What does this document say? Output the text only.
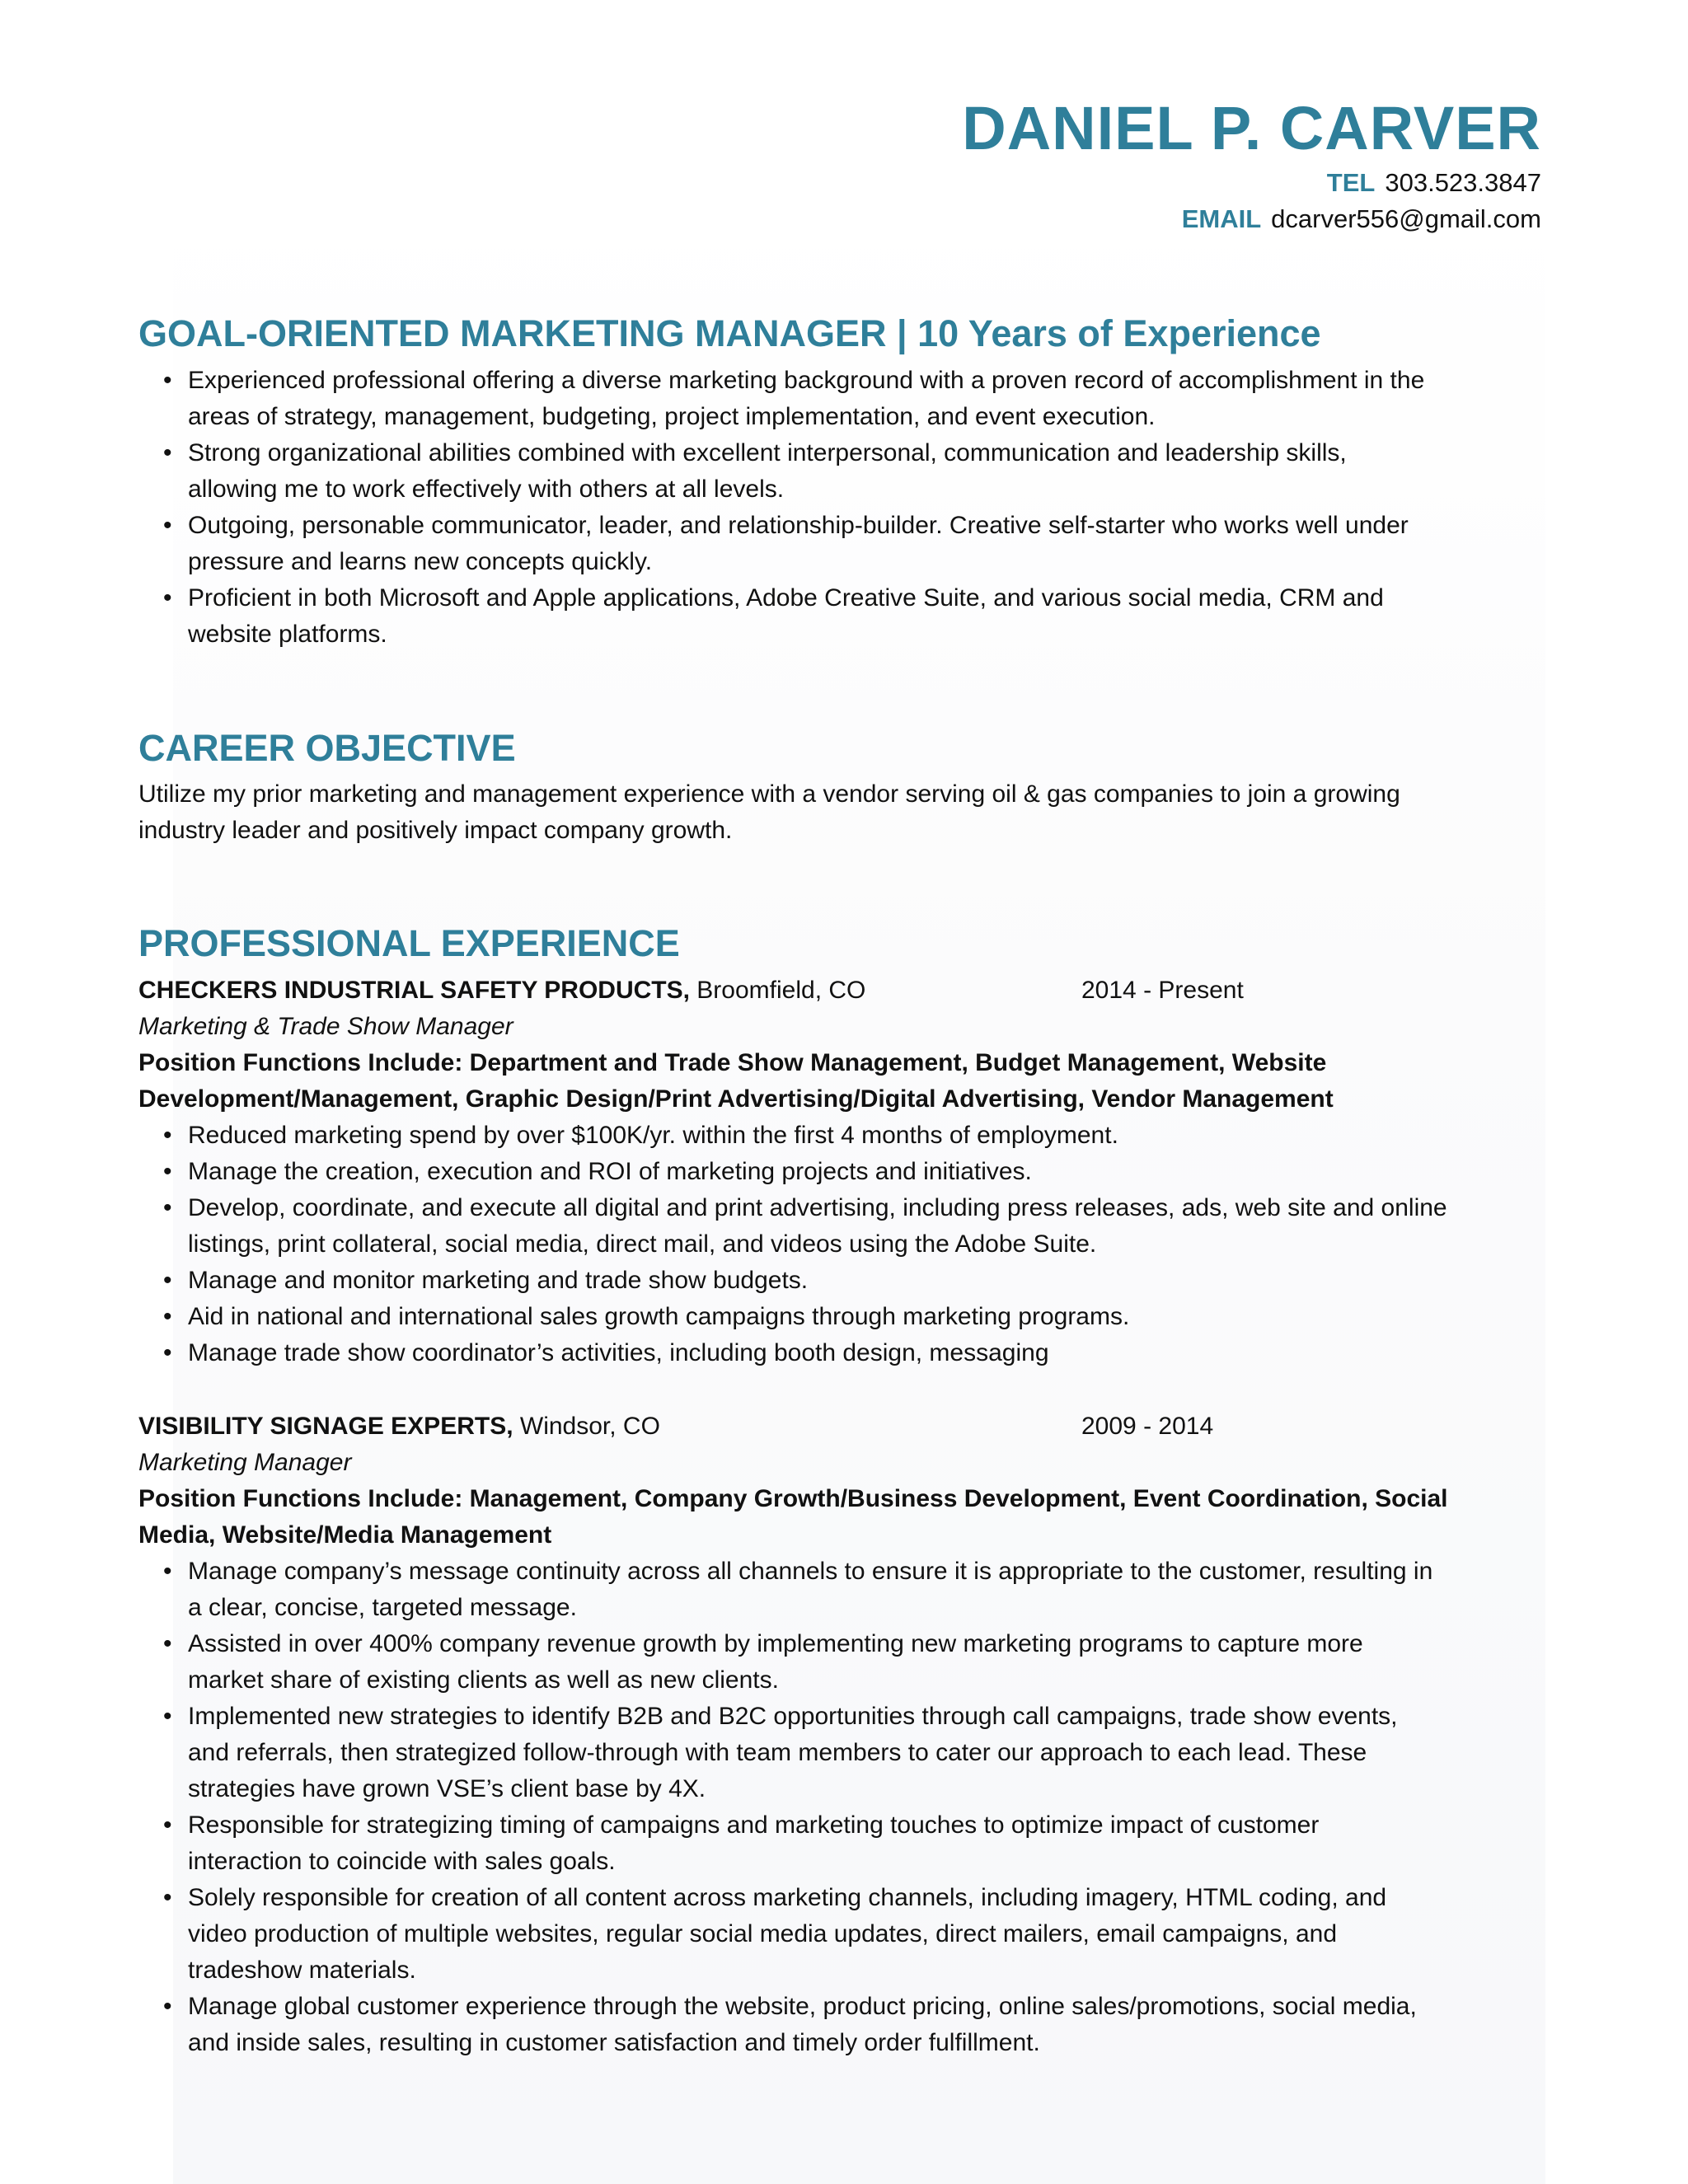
DANIEL P. CARVER
TEL 303.523.3847
EMAIL dcarver556@gmail.com
GOAL-ORIENTED MARKETING MANAGER | 10 Years of Experience
• Experienced professional offering a diverse marketing background with a proven record of accomplishment in the
areas of strategy, management, budgeting, project implementation, and event execution.
• Strong organizational abilities combined with excellent interpersonal, communication and leadership skills,
allowing me to work effectively with others at all levels.
• Outgoing, personable communicator, leader, and relationship-builder. Creative self-starter who works well under
pressure and learns new concepts quickly.
• Proficient in both Microsoft and Apple applications, Adobe Creative Suite, and various social media, CRM and
website platforms.
CAREER OBJECTIVE
Utilize my prior marketing and management experience with a vendor serving oil & gas companies to join a growing
industry leader and positively impact company growth.
PROFESSIONAL EXPERIENCE
CHECKERS INDUSTRIAL SAFETY PRODUCTS, Broomfield, CO	2014 - Present
Marketing & Trade Show Manager
Position Functions Include: Department and Trade Show Management, Budget Management, Website
Development/Management, Graphic Design/Print Advertising/Digital Advertising, Vendor Management
• Reduced marketing spend by over $100K/yr. within the first 4 months of employment.
• Manage the creation, execution and ROI of marketing projects and initiatives.
• Develop, coordinate, and execute all digital and print advertising, including press releases, ads, web site and online
listings, print collateral, social media, direct mail, and videos using the Adobe Suite.
• Manage and monitor marketing and trade show budgets.
• Aid in national and international sales growth campaigns through marketing programs.
• Manage trade show coordinator’s activities, including booth design, messaging
VISIBILITY SIGNAGE EXPERTS, Windsor, CO	2009 - 2014
Marketing Manager
Position Functions Include: Management, Company Growth/Business Development, Event Coordination, Social
Media, Website/Media Management
• Manage company’s message continuity across all channels to ensure it is appropriate to the customer, resulting in
a clear, concise, targeted message.
• Assisted in over 400% company revenue growth by implementing new marketing programs to capture more
market share of existing clients as well as new clients.
• Implemented new strategies to identify B2B and B2C opportunities through call campaigns, trade show events,
and referrals, then strategized follow-through with team members to cater our approach to each lead. These
strategies have grown VSE’s client base by 4X.
• Responsible for strategizing timing of campaigns and marketing touches to optimize impact of customer
interaction to coincide with sales goals.
• Solely responsible for creation of all content across marketing channels, including imagery, HTML coding, and
video production of multiple websites, regular social media updates, direct mailers, email campaigns, and
tradeshow materials.
• Manage global customer experience through the website, product pricing, online sales/promotions, social media,
and inside sales, resulting in customer satisfaction and timely order fulfillment.
